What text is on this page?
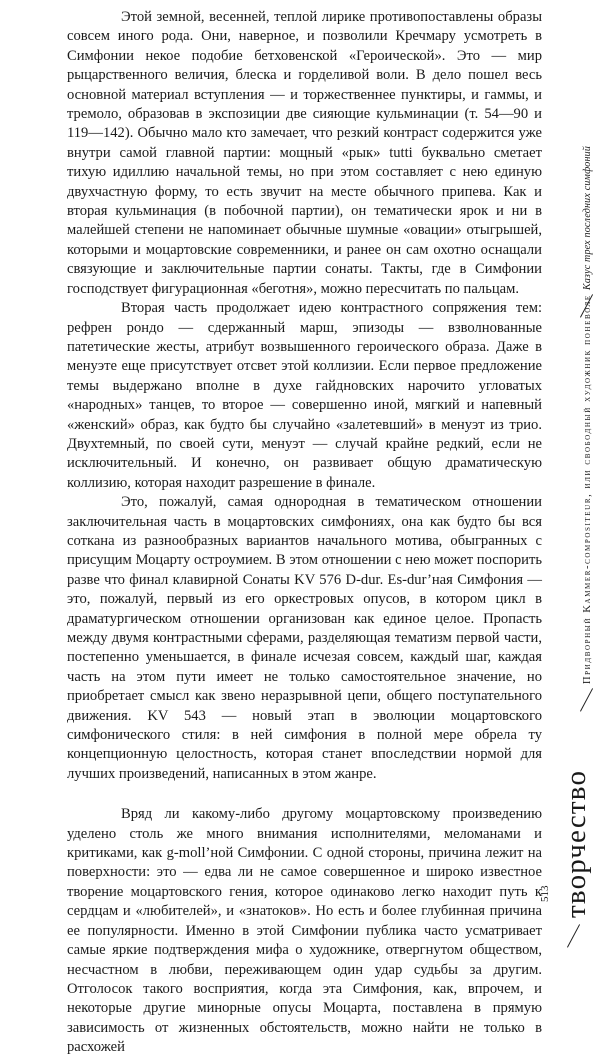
Этой земной, весенней, теплой лирике противопоставлены образы совсем иного рода. Они, наверное, и позволили Кречмару усмотреть в Симфонии некое подобие бетховенской «Героической». Это — мир рыцарственного величия, блеска и горделивой воли. В дело пошел весь основной материал вступления — и торжественнее пунктиры, и гаммы, и тремоло, образовав в экспозиции две сияющие кульминации (т. 54—90 и 119—142). Обычно мало кто замечает, что резкий контраст содержится уже внутри самой главной партии: мощный «рык» tutti буквально сметает тихую идиллию начальной темы, но при этом составляет с нею единую двухчастную форму, то есть звучит на месте обычного припева. Как и вторая кульминация (в побочной партии), он тематически ярок и ни в малейшей степени не напоминает обычные шумные «овации» отыгрышей, которыми и моцартовские современники, и ранее он сам охотно оснащали связующие и заключительные партии сонаты. Такты, где в Симфонии господствует фигурационная «беготня», можно пересчитать по пальцам.

Вторая часть продолжает идею контрастного сопряжения тем: рефрен рондо — сдержанный марш, эпизоды — взволнованные патетические жесты, атрибут возвышенного героического образа. Даже в менуэте еще присутствует отсвет этой коллизии. Если первое предложение темы выдержано вполне в духе гайдновских нарочито угловатых «народных» танцев, то второе — совершенно иной, мягкий и напевный «женский» образ, как будто бы случайно «залетевший» в менуэт из трио. Двухтемный, по своей сути, менуэт — случай крайне редкий, если не исключительный. И конечно, он развивает общую драматическую коллизию, которая находит разрешение в финале.

Это, пожалуй, самая однородная в тематическом отношении заключительная часть в моцартовских симфониях, она как будто бы вся соткана из разнообразных вариантов начального мотива, обыгранных с присущим Моцарту остроумием. В этом отношении с нею может поспорить разве что финал клавирной Сонаты KV 576 D-dur. Es-dur’ная Симфония — это, пожалуй, первый из его оркестровых опусов, в котором цикл в драматургическом отношении организован как единое целое. Пропасть между двумя контрастными сферами, разделяющая тематизм первой части, постепенно уменьшается, в финале исчезая совсем, каждый шаг, каждая часть на этом пути имеет не только самостоятельное значение, но приобретает смысл как звено неразрывной цепи, общего поступательного движения. KV 543 — новый этап в эволюции моцартовского симфонического стиля: в ней симфония в полной мере обрела ту концепционную целостность, которая станет впоследствии нормой для лучших произведений, написанных в этом жанре.

Вряд ли какому-либо другому моцартовскому произведению уделено столь же много внимания исполнителями, меломанами и критиками, как g-moll’ной Симфонии. С одной стороны, причина лежит на поверхности: это — едва ли не самое совершенное и широко известное творение моцартовского гения, которое одинаково легко находит путь к сердцам и «любителей», и «знатоков». Но есть и более глубинная причина ее популярности. Именно в этой Симфонии публика часто усматривает самые яркие подтверждения мифа о художнике, отвергнутом обществом, несчастном в любви, переживающем один удар судьбы за другим. Отголосок такого восприятия, когда эта Симфония, как, впрочем, и некоторые другие минорные опусы Моцарта, поставлена в прямую зависимость от жизненных обстоятельств, можно найти не только в расхожей

Казус трех последних симфоний
Придворный Kammer-compositeur, или свободный художник поневоле
творчество
513
